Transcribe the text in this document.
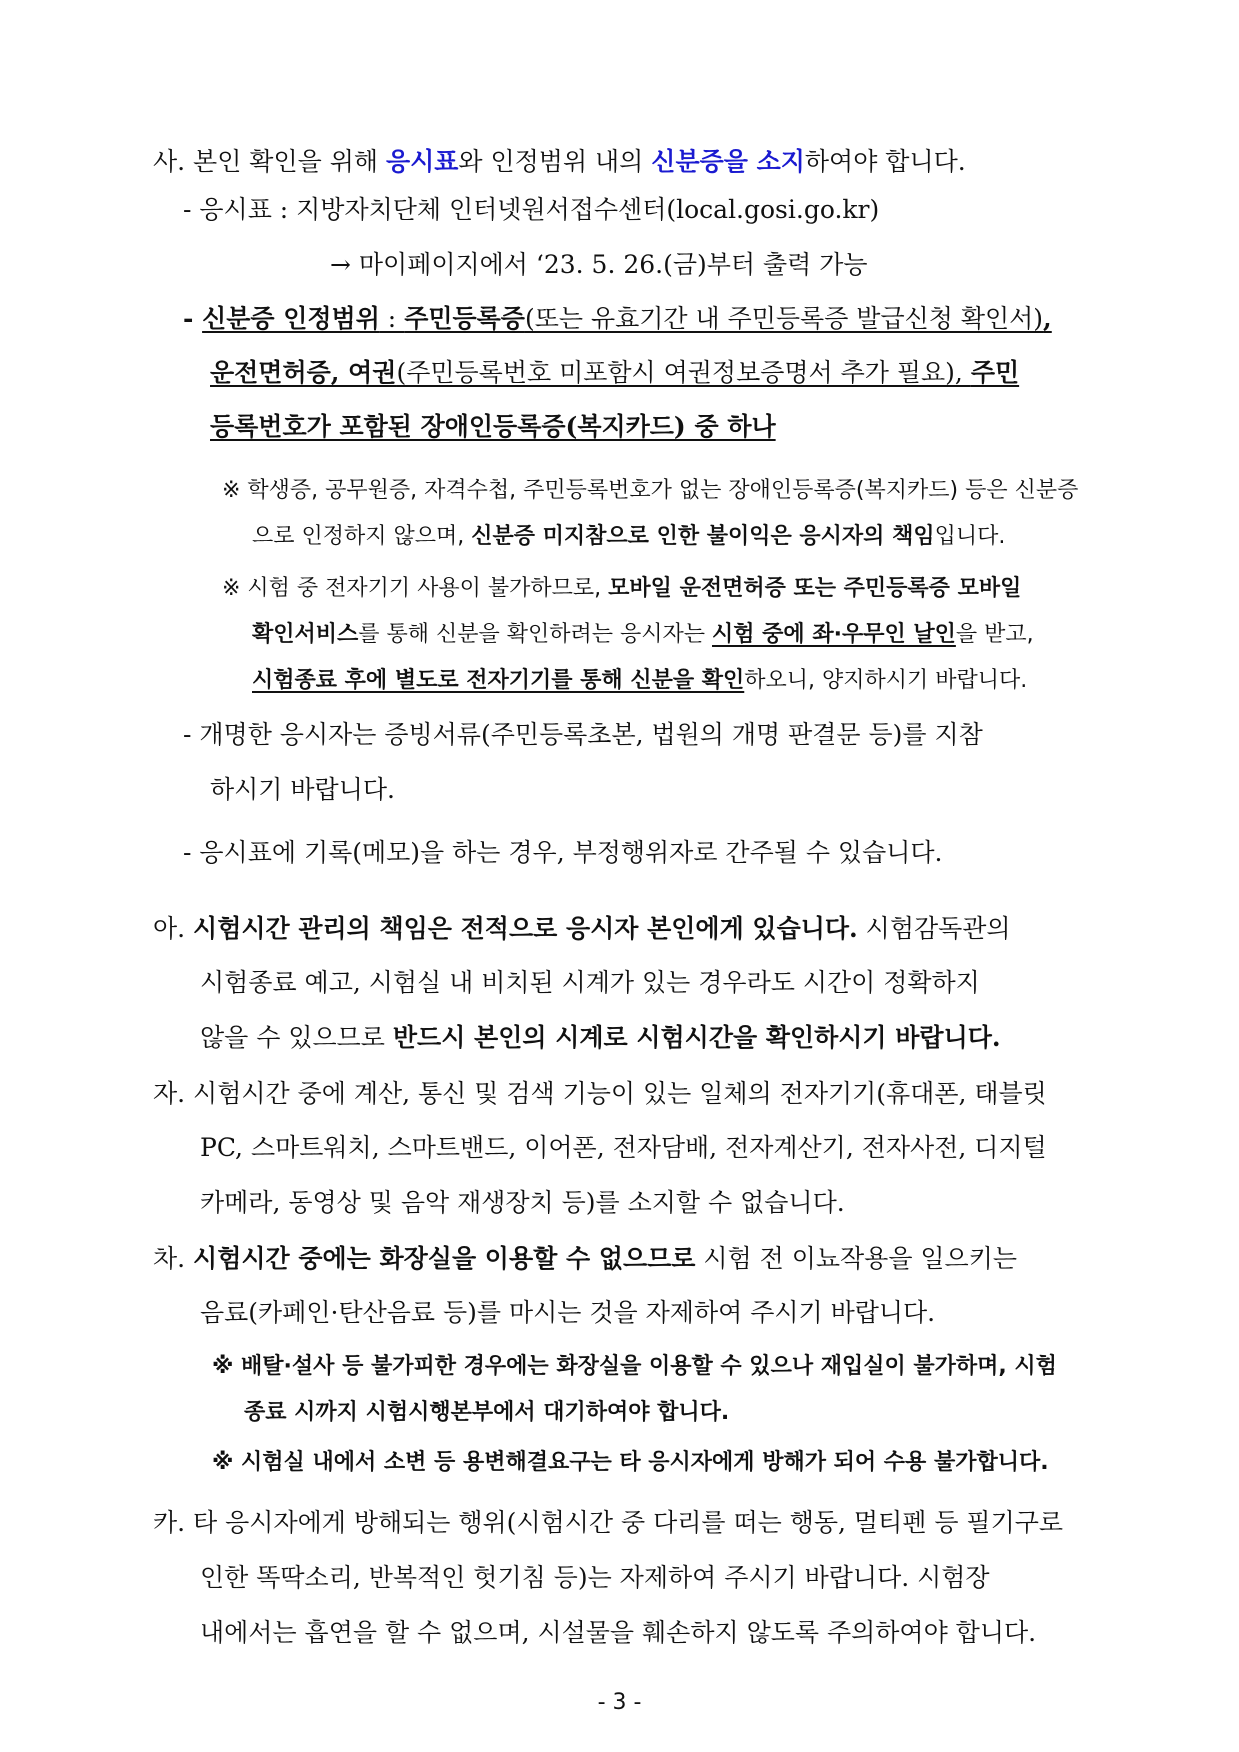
사. 본인 확인을 위해 응시표와 인정범위 내의 신분증을 소지하여야 합니다.
- 응시표 : 지방자치단체 인터넷원서접수센터(local.gosi.go.kr)
→ 마이페이지에서 ‘23. 5. 26.(금)부터 출력 가능
- 신분증 인정범위 : 주민등록증(또는 유효기간 내 주민등록증 발급신청 확인서),
운전면허증, 여권(주민등록번호 미포함시 여권정보증명서 추가 필요), 주민
등록번호가 포함된 장애인등록증(복지카드) 중 하나
※ 학생증, 공무원증, 자격수첩, 주민등록번호가 없는 장애인등록증(복지카드) 등은 신분증
으로 인정하지 않으며, 신분증 미지참으로 인한 불이익은 응시자의 책임입니다.
※ 시험 중 전자기기 사용이 불가하므로, 모바일 운전면허증 또는 주민등록증 모바일
확인서비스를 통해 신분을 확인하려는 응시자는 시험 중에 좌·우무인 날인을 받고,
시험종료 후에 별도로 전자기기를 통해 신분을 확인하오니, 양지하시기 바랍니다.
- 개명한 응시자는 증빙서류(주민등록초본, 법원의 개명 판결문 등)를 지참
하시기 바랍니다.
- 응시표에 기록(메모)을 하는 경우, 부정행위자로 간주될 수 있습니다.
아. 시험시간 관리의 책임은 전적으로 응시자 본인에게 있습니다. 시험감독관의
시험종료 예고, 시험실 내 비치된 시계가 있는 경우라도 시간이 정확하지
않을 수 있으므로 반드시 본인의 시계로 시험시간을 확인하시기 바랍니다.
자. 시험시간 중에 계산, 통신 및 검색 기능이 있는 일체의 전자기기(휴대폰, 태블릿
PC, 스마트워치, 스마트밴드, 이어폰, 전자담배, 전자계산기, 전자사전, 디지털
카메라, 동영상 및 음악 재생장치 등)를 소지할 수 없습니다.
차. 시험시간 중에는 화장실을 이용할 수 없으므로 시험 전 이뇨작용을 일으키는
음료(카페인·탄산음료 등)를 마시는 것을 자제하여 주시기 바랍니다.
※ 배탈·설사 등 불가피한 경우에는 화장실을 이용할 수 있으나 재입실이 불가하며, 시험
종료 시까지 시험시행본부에서 대기하여야 합니다.
※ 시험실 내에서 소변 등 용변해결요구는 타 응시자에게 방해가 되어 수용 불가합니다.
카. 타 응시자에게 방해되는 행위(시험시간 중 다리를 떠는 행동, 멀티펜 등 필기구로
인한 똑딱소리, 반복적인 헛기침 등)는 자제하여 주시기 바랍니다. 시험장
내에서는 흡연을 할 수 없으며, 시설물을 훼손하지 않도록 주의하여야 합니다.
- 3 -
